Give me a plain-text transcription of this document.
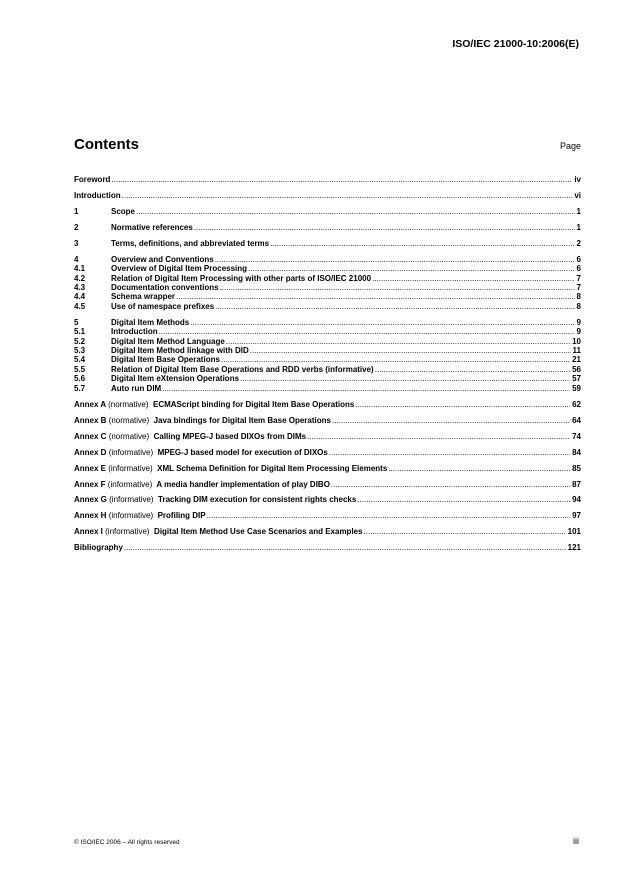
ISO/IEC 21000-10:2006(E)
Contents	Page
Foreword .....	iv
Introduction .....	vi
1	Scope .....	1
2	Normative references .....	1
3	Terms, definitions, and abbreviated terms .....	2
4	Overview and Conventions .....	6
4.1	Overview of Digital Item Processing .....	6
4.2	Relation of Digital Item Processing with other parts of ISO/IEC 21000 .....	7
4.3	Documentation conventions .....	7
4.4	Schema wrapper .....	8
4.5	Use of namespace prefixes .....	8
5	Digital Item Methods .....	9
5.1	Introduction .....	9
5.2	Digital Item Method Language .....	10
5.3	Digital Item Method linkage with DID .....	11
5.4	Digital Item Base Operations .....	21
5.5	Relation of Digital Item Base Operations and RDD verbs (informative) .....	56
5.6	Digital Item eXtension Operations .....	57
5.7	Auto run DIM .....	59
Annex A (normative) ECMAScript binding for Digital Item Base Operations .....	62
Annex B (normative) Java bindings for Digital Item Base Operations .....	64
Annex C (normative) Calling MPEG-J based DIXOs from DIMs .....	74
Annex D (informative) MPEG-J based model for execution of DIXOs .....	84
Annex E (informative) XML Schema Definition for Digital Item Processing Elements .....	85
Annex F (informative) A media handler implementation of play DIBO .....	87
Annex G (informative) Tracking DIM execution for consistent rights checks .....	94
Annex H (informative) Profiling DIP .....	97
Annex I (informative) Digital Item Method Use Case Scenarios and Examples .....	101
Bibliography .....	121
© ISO/IEC 2006 – All rights reserved	iii
